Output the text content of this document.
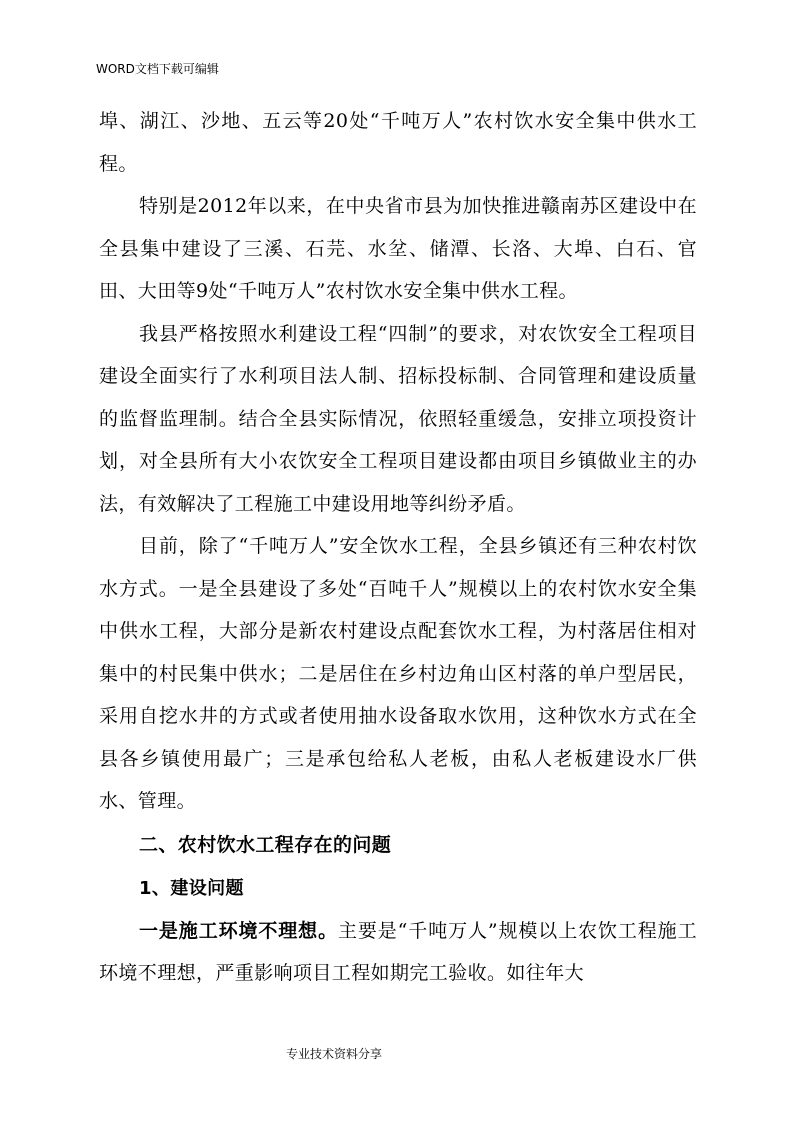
WORD文档下载可编辑

埠、湖江、沙地、五云等20处“千吨万人”农村饮水安全集中供水工程。

特别是2012年以来，在中央省市县为加快推进赣南苏区建设中在全县集中建设了三溪、石芫、水坌、储潭、长洛、大埠、白石、官田、大田等9处“千吨万人”农村饮水安全集中供水工程。

我县严格按照水利建设工程“四制”的要求，对农饮安全工程项目建设全面实行了水利项目法人制、招标投标制、合同管理和建设质量的监督监理制。结合全县实际情况，依照轻重缓急，安排立项投资计划，对全县所有大小农饮安全工程项目建设都由项目乡镇做业主的办法，有效解决了工程施工中建设用地等纠纷矛盾。

目前，除了“千吨万人”安全饮水工程，全县乡镇还有三种农村饮水方式。一是全县建设了多处“百吨千人”规模以上的农村饮水安全集中供水工程，大部分是新农村建设点配套饮水工程，为村落居住相对集中的村民集中供水；二是居住在乡村边角山区村落的单户型居民，采用自挖水井的方式或者使用抽水设备取水饮用，这种饮水方式在全县各乡镇使用最广；三是承包给私人老板，由私人老板建设水厂供水、管理。

二、农村饮水工程存在的问题

1、建设问题

一是施工环境不理想。主要是“千吨万人”规模以上农饮工程施工环境不理想，严重影响项目工程如期完工验收。如往年大

专业技术资料分享
